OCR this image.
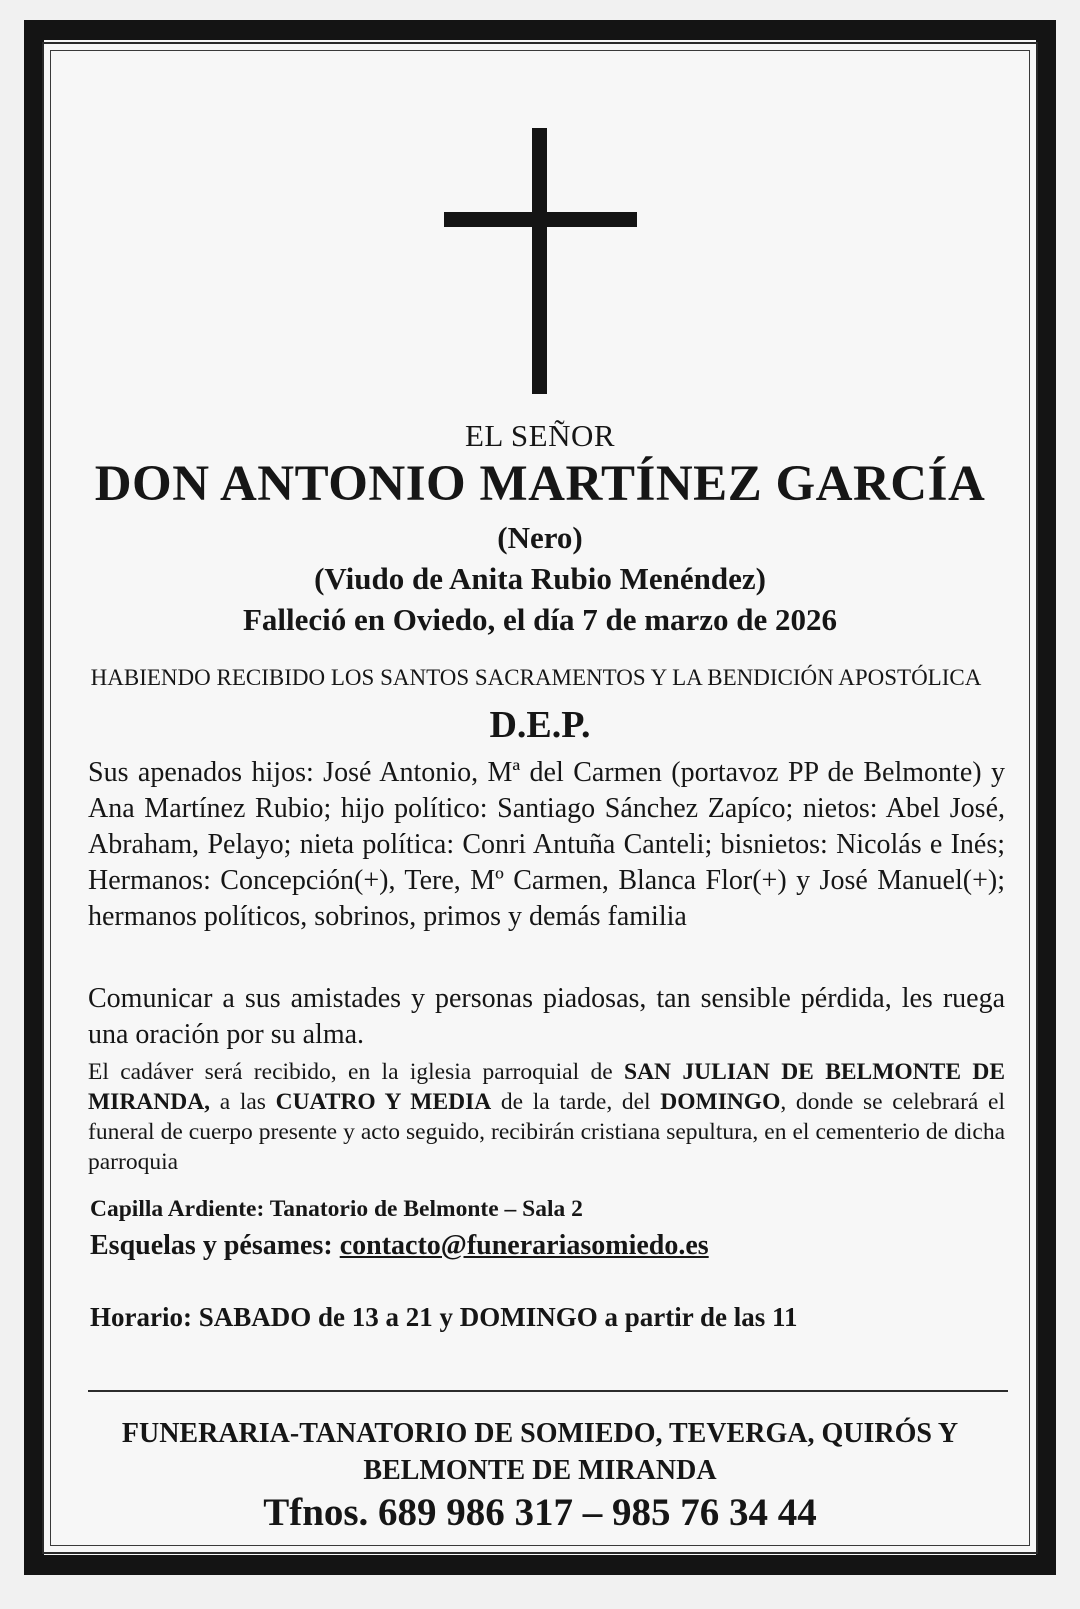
EL SEÑOR
DON ANTONIO MARTÍNEZ GARCÍA
(Nero)
(Viudo de Anita Rubio Menéndez)
Falleció en Oviedo, el día 7 de marzo de 2026
HABIENDO RECIBIDO LOS SANTOS SACRAMENTOS Y LA BENDICIÓN APOSTÓLICA
D.E.P.
Sus apenados hijos: José Antonio, Mª del Carmen (portavoz PP de Belmonte) y Ana Martínez Rubio; hijo político: Santiago Sánchez Zapíco; nietos: Abel José, Abraham, Pelayo; nieta política: Conri Antuña Canteli; bisnietos: Nicolás e Inés; Hermanos: Concepción(+), Tere, Mº Carmen, Blanca Flor(+) y José Manuel(+); hermanos políticos, sobrinos, primos y demás familia
Comunicar a sus amistades y personas piadosas, tan sensible pérdida, les ruega una oración por su alma.
El cadáver será recibido, en la iglesia parroquial de SAN JULIAN DE BELMONTE DE MIRANDA, a las CUATRO Y MEDIA de la tarde, del DOMINGO, donde se celebrará el funeral de cuerpo presente y acto seguido, recibirán cristiana sepultura, en el cementerio de dicha parroquia
Capilla Ardiente: Tanatorio de Belmonte – Sala 2
Esquelas y pésames: contacto@funerariasomiedo.es
Horario: SABADO de 13 a 21 y DOMINGO a partir de las 11
FUNERARIA-TANATORIO DE SOMIEDO, TEVERGA, QUIRÓS Y
BELMONTE DE MIRANDA
Tfnos. 689 986 317 – 985 76 34 44
